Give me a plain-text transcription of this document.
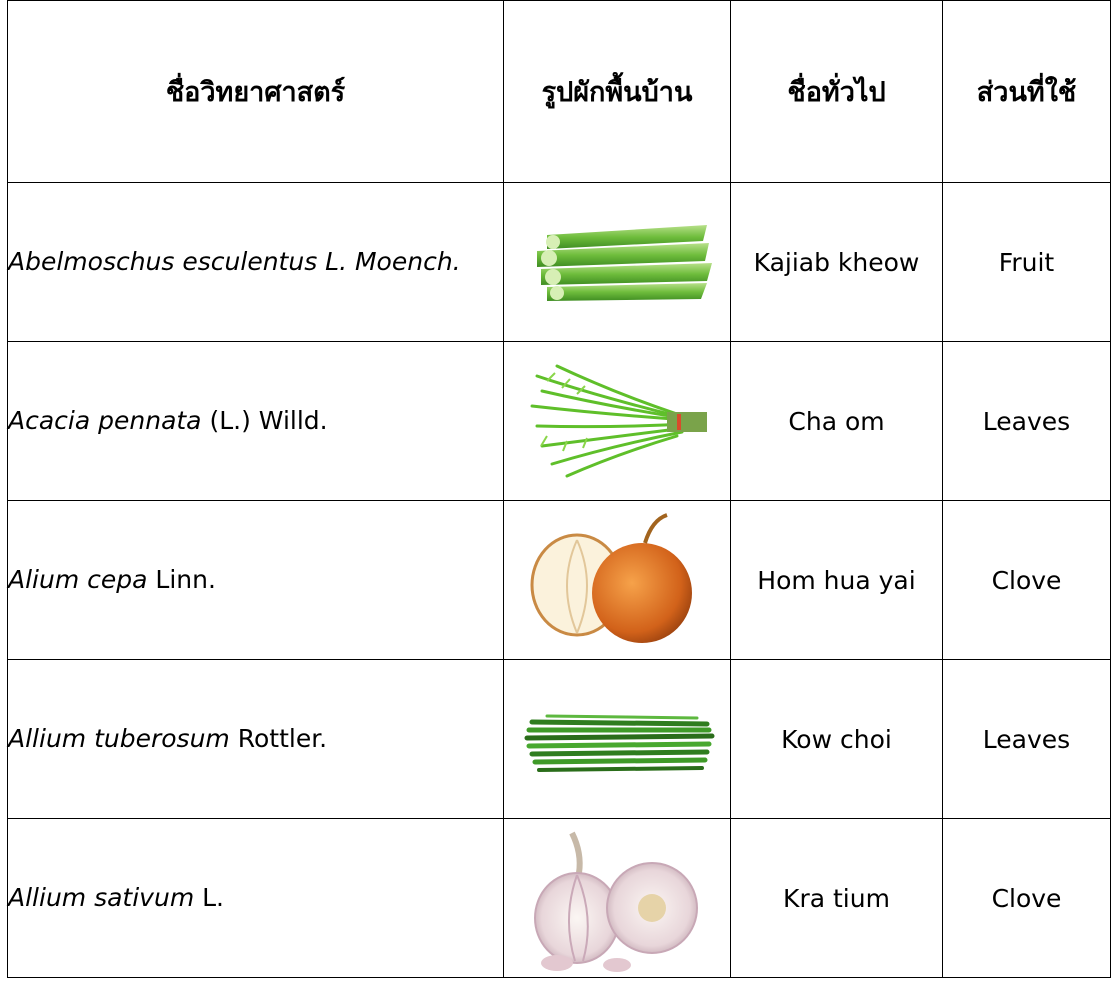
ชื่อวิทยาศาสตร์	รูปผักพื้นบ้าน	ชื่อทั่วไป	ส่วนที่ใช้
Abelmoschus esculentus L. Moench.		Kajiab kheow	Fruit
Acacia pennata (L.) Willd.		Cha om	Leaves
Alium cepa Linn.		Hom hua yai	Clove
Allium tuberosum Rottler.		Kow choi	Leaves
Allium sativum L.		Kra tium	Clove
